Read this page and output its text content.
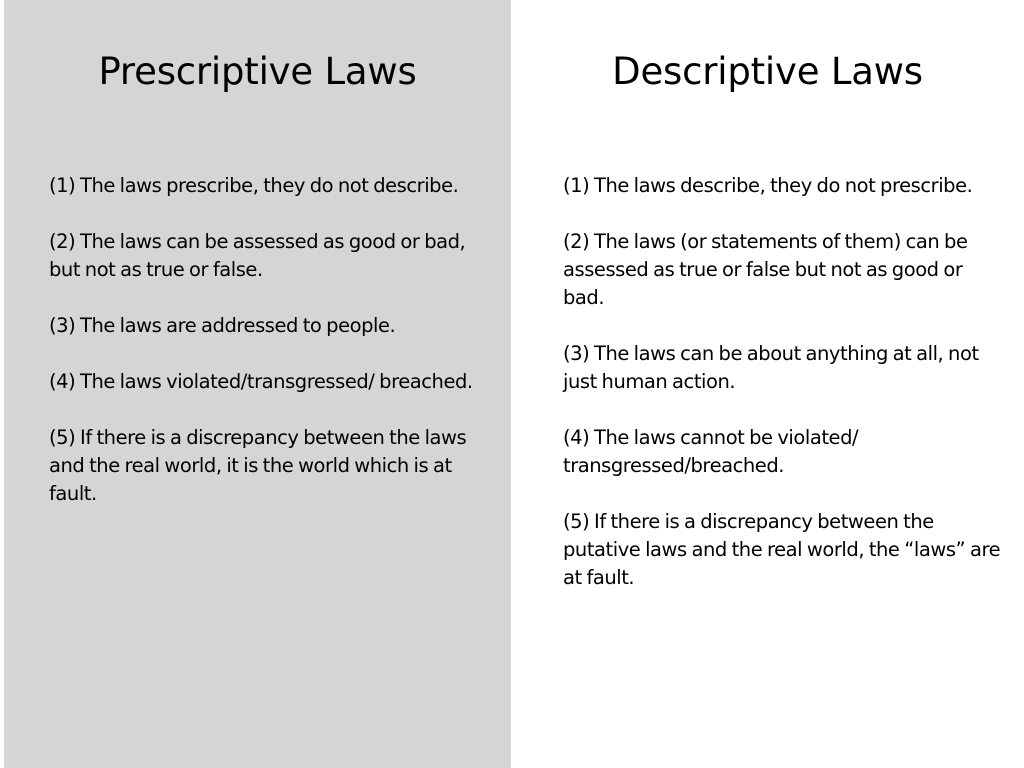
Prescriptive Laws
(1) The laws prescribe, they do not describe.
(2) The laws can be assessed as good or bad, but not as true or false.
(3) The laws are addressed to people.
(4) The laws violated/transgressed/ breached.
(5) If there is a discrepancy between the laws and the real world, it is the world which is at fault.
Descriptive Laws
(1) The laws describe, they do not prescribe.
(2) The laws (or statements of them) can be assessed as true or false but not as good or bad.
(3) The laws can be about anything at all, not just human action.
(4) The laws cannot be violated/ transgressed/breached.
(5) If there is a discrepancy between the putative laws and the real world, the “laws” are at fault.
